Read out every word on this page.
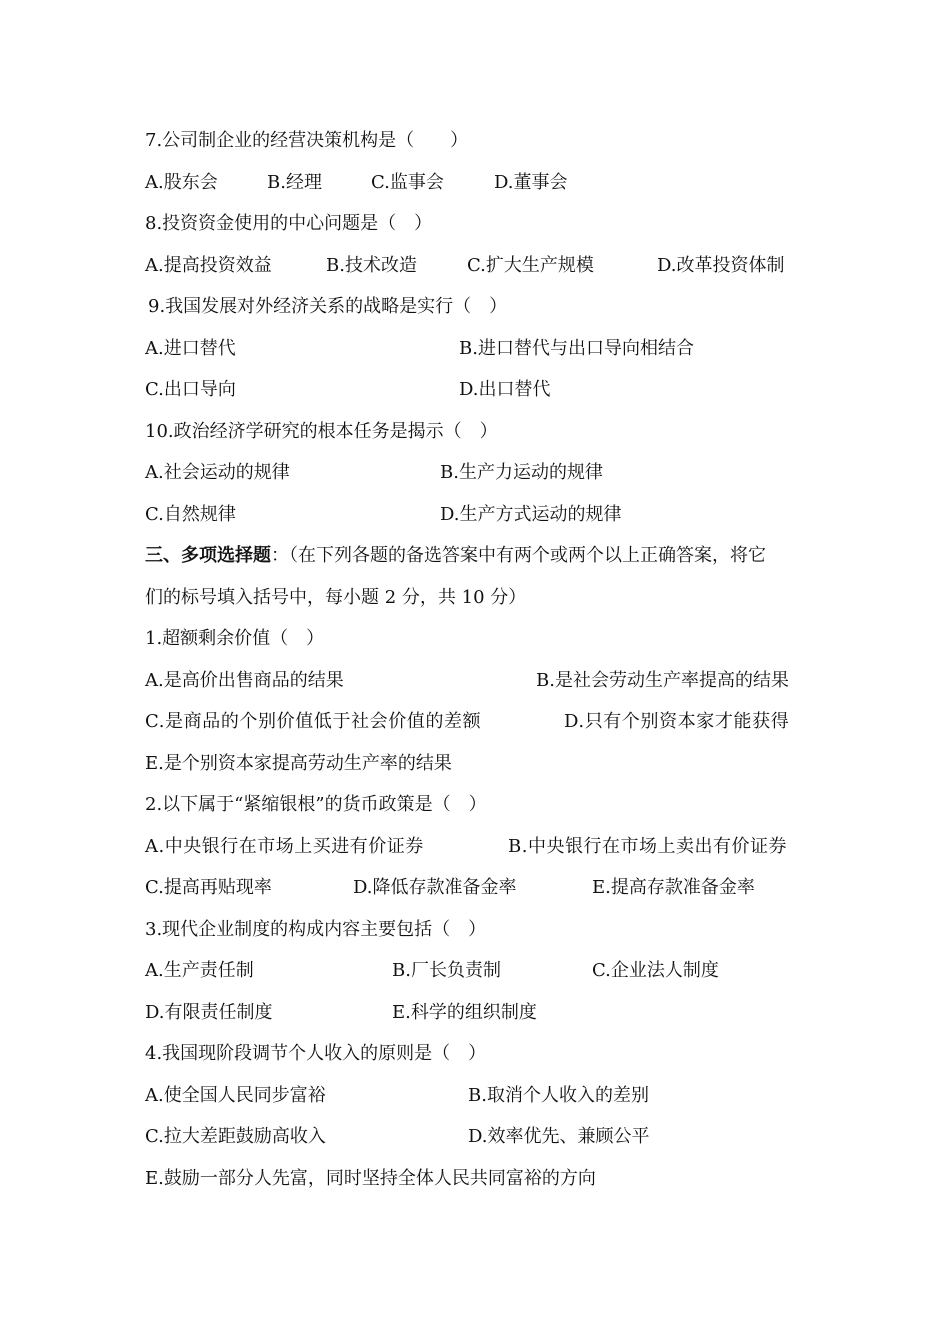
7.公司制企业的经营决策机构是（　　）
A.股东会	B.经理	C.监事会	D.董事会
8.投资资金使用的中心问题是（　）
A.提高投资效益	B.技术改造	C.扩大生产规模	D.改革投资体制
9.我国发展对外经济关系的战略是实行（　）
A.进口替代	B.进口替代与出口导向相结合
C.出口导向	D.出口替代
10.政治经济学研究的根本任务是揭示（　）
A.社会运动的规律	B.生产力运动的规律
C.自然规律	D.生产方式运动的规律
三、多项选择题：（在下列各题的备选答案中有两个或两个以上正确答案，将它
们的标号填入括号中，每小题 2 分，共 10 分）
1.超额剩余价值（　）
A.是高价出售商品的结果	B.是社会劳动生产率提高的结果
C.是商品的个别价值低于社会价值的差额	D.只有个别资本家才能获得
E.是个别资本家提高劳动生产率的结果
2.以下属于“紧缩银根”的货币政策是（　）
A.中央银行在市场上买进有价证券	B.中央银行在市场上卖出有价证券
C.提高再贴现率	D.降低存款准备金率	E.提高存款准备金率
3.现代企业制度的构成内容主要包括（　）
A.生产责任制	B.厂长负责制	C.企业法人制度
D.有限责任制度	E.科学的组织制度
4.我国现阶段调节个人收入的原则是（　）
A.使全国人民同步富裕	B.取消个人收入的差别
C.拉大差距鼓励高收入	D.效率优先、兼顾公平
E.鼓励一部分人先富，同时坚持全体人民共同富裕的方向
